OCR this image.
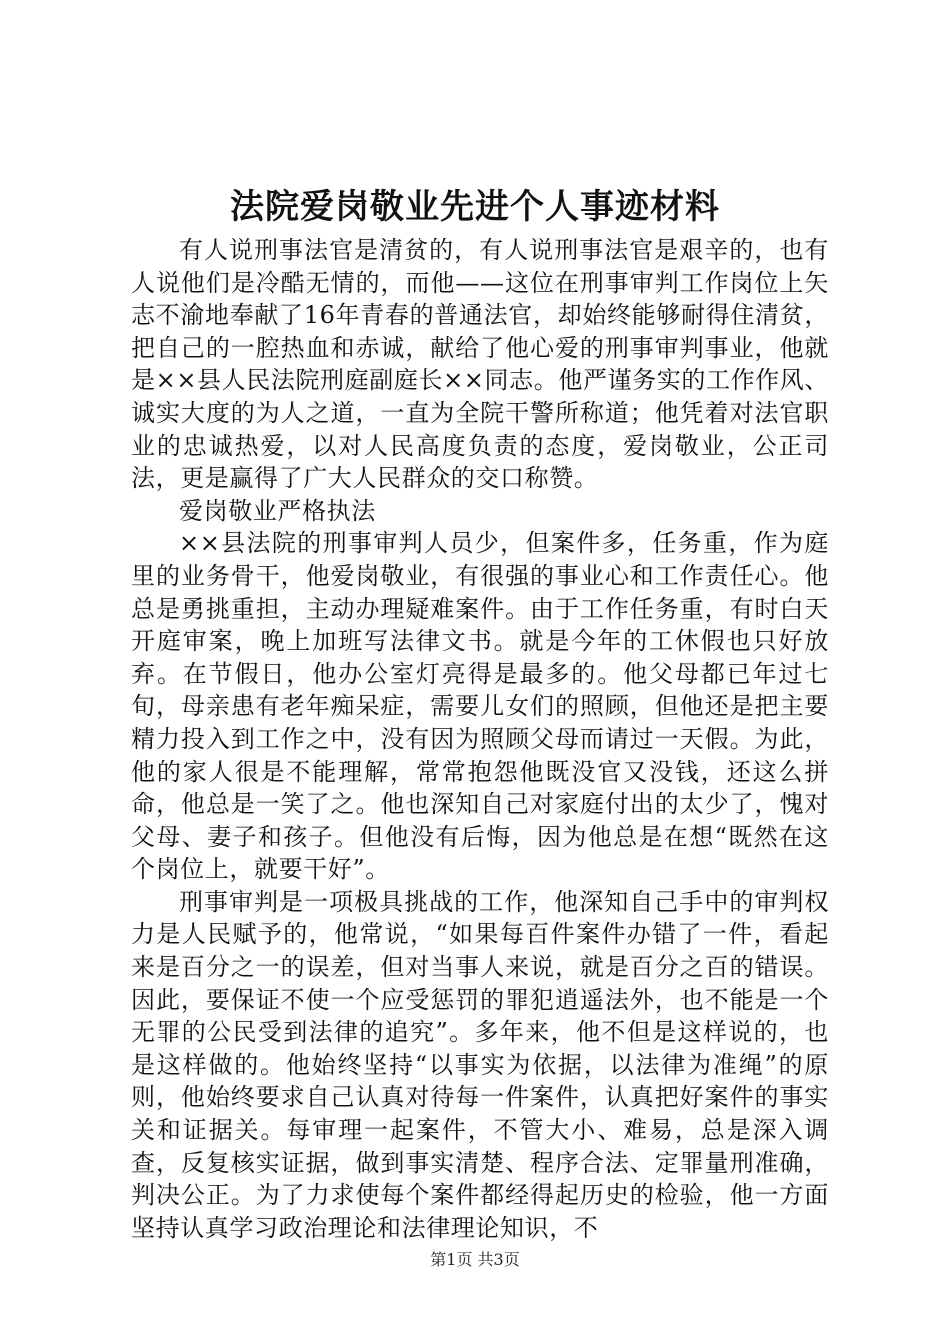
法院爱岗敬业先进个人事迹材料

有人说刑事法官是清贫的，有人说刑事法官是艰辛的，也有人说他们是冷酷无情的，而他——这位在刑事审判工作岗位上矢志不渝地奉献了16年青春的普通法官，却始终能够耐得住清贫，把自己的一腔热血和赤诚，献给了他心爱的刑事审判事业，他就是××县人民法院刑庭副庭长××同志。他严谨务实的工作作风、诚实大度的为人之道，一直为全院干警所称道；他凭着对法官职业的忠诚热爱，以对人民高度负责的态度，爱岗敬业，公正司法，更是赢得了广大人民群众的交口称赞。

爱岗敬业严格执法

××县法院的刑事审判人员少，但案件多，任务重，作为庭里的业务骨干，他爱岗敬业，有很强的事业心和工作责任心。他总是勇挑重担，主动办理疑难案件。由于工作任务重，有时白天开庭审案，晚上加班写法律文书。就是今年的工休假也只好放弃。在节假日，他办公室灯亮得是最多的。他父母都已年过七旬，母亲患有老年痴呆症，需要儿女们的照顾，但他还是把主要精力投入到工作之中，没有因为照顾父母而请过一天假。为此，他的家人很是不能理解，常常抱怨他既没官又没钱，还这么拼命，他总是一笑了之。他也深知自己对家庭付出的太少了，愧对父母、妻子和孩子。但他没有后悔，因为他总是在想“既然在这个岗位上，就要干好”。

刑事审判是一项极具挑战的工作，他深知自己手中的审判权力是人民赋予的，他常说，“如果每百件案件办错了一件，看起来是百分之一的误差，但对当事人来说，就是百分之百的错误。因此，要保证不使一个应受惩罚的罪犯逍遥法外，也不能是一个无罪的公民受到法律的追究”。多年来，他不但是这样说的，也是这样做的。他始终坚持“以事实为依据，以法律为准绳”的原则，他始终要求自己认真对待每一件案件，认真把好案件的事实关和证据关。每审理一起案件，不管大小、难易，总是深入调查，反复核实证据，做到事实清楚、程序合法、定罪量刑准确，判决公正。为了力求使每个案件都经得起历史的检验，他一方面坚持认真学习政治理论和法律理论知识，不

第1页 共3页
